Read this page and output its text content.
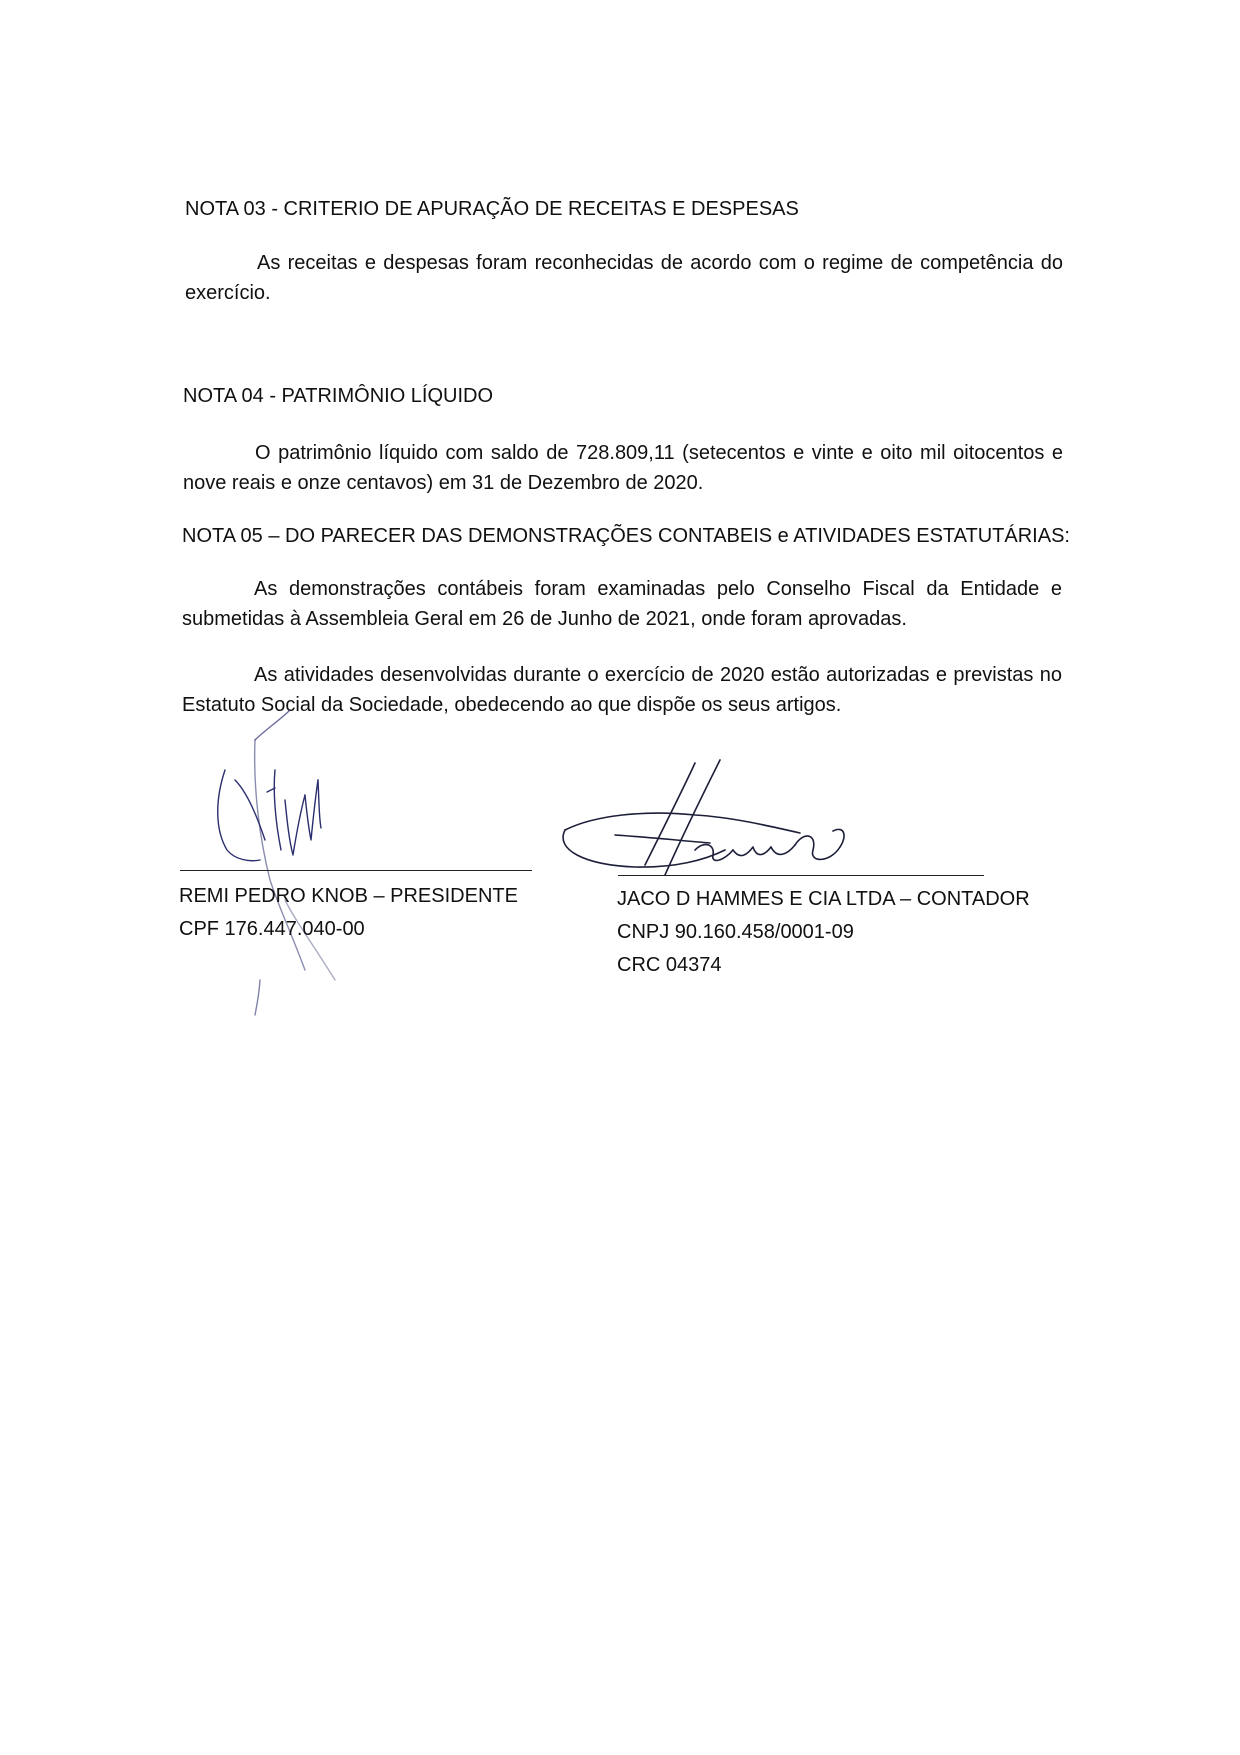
NOTA 03 - CRITERIO DE APURAÇÃO DE RECEITAS E DESPESAS
As receitas e despesas foram reconhecidas de acordo com o regime de competência do exercício.
NOTA 04 - PATRIMÔNIO LÍQUIDO
O patrimônio líquido com saldo de 728.809,11 (setecentos e vinte e oito mil oitocentos e nove reais e onze centavos) em 31 de Dezembro de 2020.
NOTA 05 – DO PARECER DAS DEMONSTRAÇÕES CONTABEIS e ATIVIDADES ESTATUTÁRIAS:
As demonstrações contábeis foram examinadas pelo Conselho Fiscal da Entidade e submetidas à Assembleia Geral em 26 de Junho de 2021, onde foram aprovadas.
As atividades desenvolvidas durante o exercício de 2020 estão autorizadas e previstas no Estatuto Social da Sociedade, obedecendo ao que dispõe os seus artigos.
REMI PEDRO KNOB – PRESIDENTE
CPF 176.447.040-00
JACO D HAMMES E CIA LTDA – CONTADOR
CNPJ 90.160.458/0001-09
CRC 04374
